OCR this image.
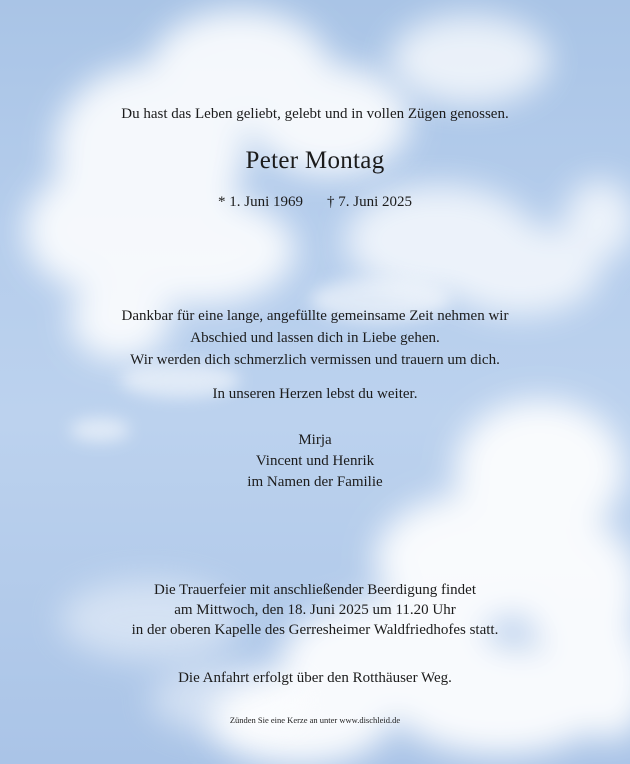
Du hast das Leben geliebt, gelebt und in vollen Zügen genossen.
Peter Montag
* 1. Juni 1969 † 7. Juni 2025
Dankbar für eine lange, angefüllte gemeinsame Zeit nehmen wir
Abschied und lassen dich in Liebe gehen.
Wir werden dich schmerzlich vermissen und trauern um dich.
In unseren Herzen lebst du weiter.
Mirja
Vincent und Henrik
im Namen der Familie
Die Trauerfeier mit anschließender Beerdigung findet
am Mittwoch, den 18. Juni 2025 um 11.20 Uhr
in der oberen Kapelle des Gerresheimer Waldfriedhofes statt.
Die Anfahrt erfolgt über den Rotthäuser Weg.
Zünden Sie eine Kerze an unter www.dischleid.de
